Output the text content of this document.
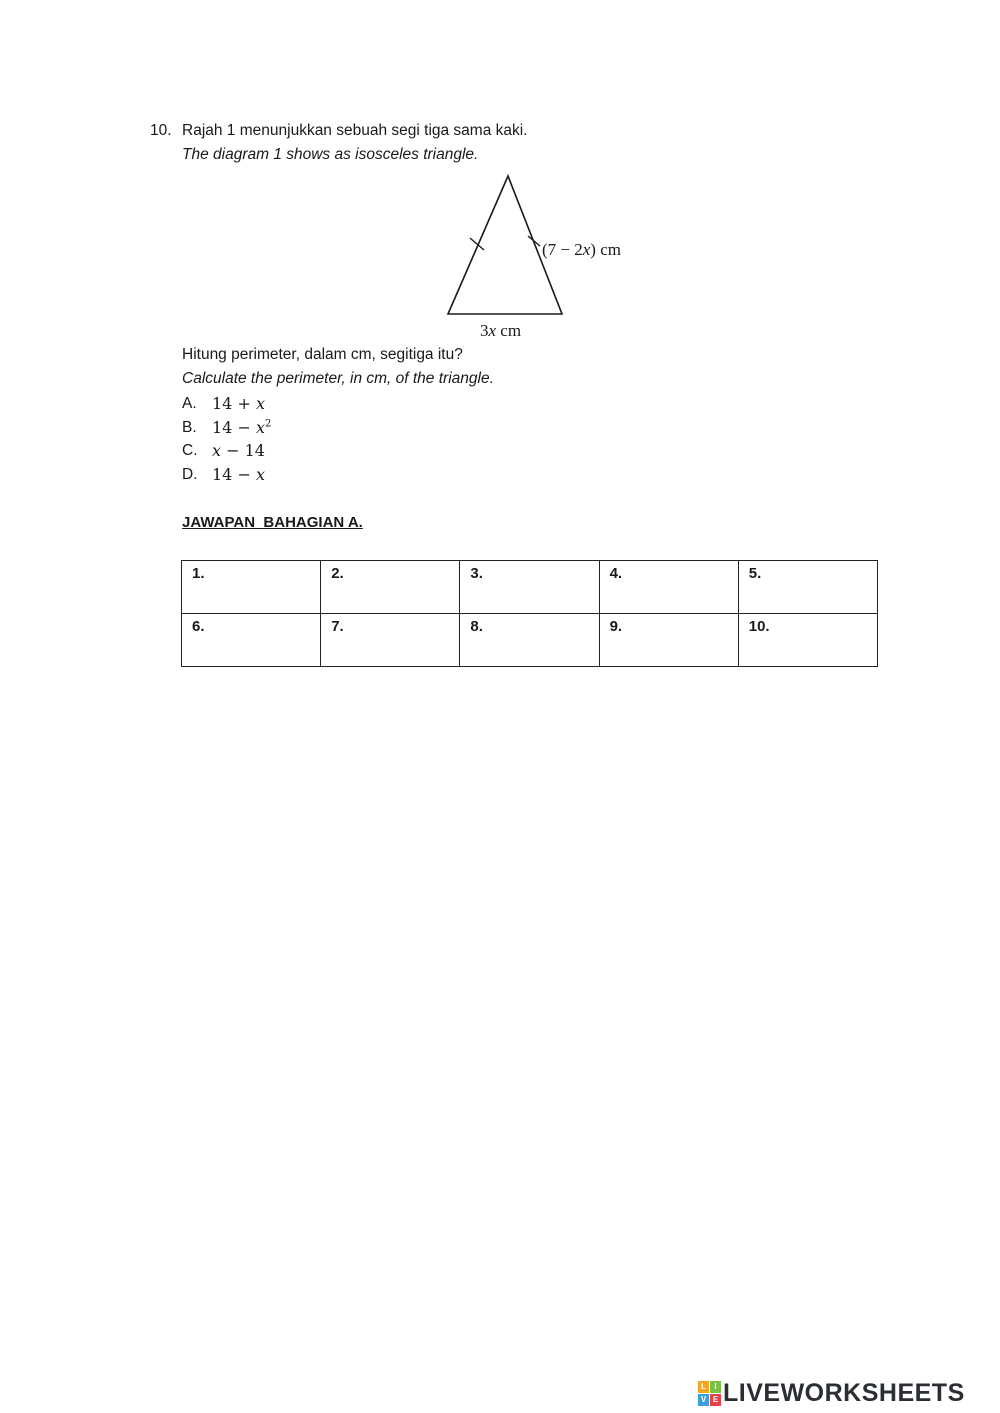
10. Rajah 1 menunjukkan sebuah segi tiga sama kaki.
The diagram 1 shows as isosceles triangle.
(7 − 2x) cm
3x cm
Hitung perimeter, dalam cm, segitiga itu?
Calculate the perimeter, in cm, of the triangle.
A. 14 + x
B. $14 - x^2$
C. x − 14
D. 14 − x
JAWAPAN  BAHAGIAN A.
1.	2.	3.	4.	5.
6.	7.	8.	9.	10.
L	I
V E LIVEWORKSHEETS
